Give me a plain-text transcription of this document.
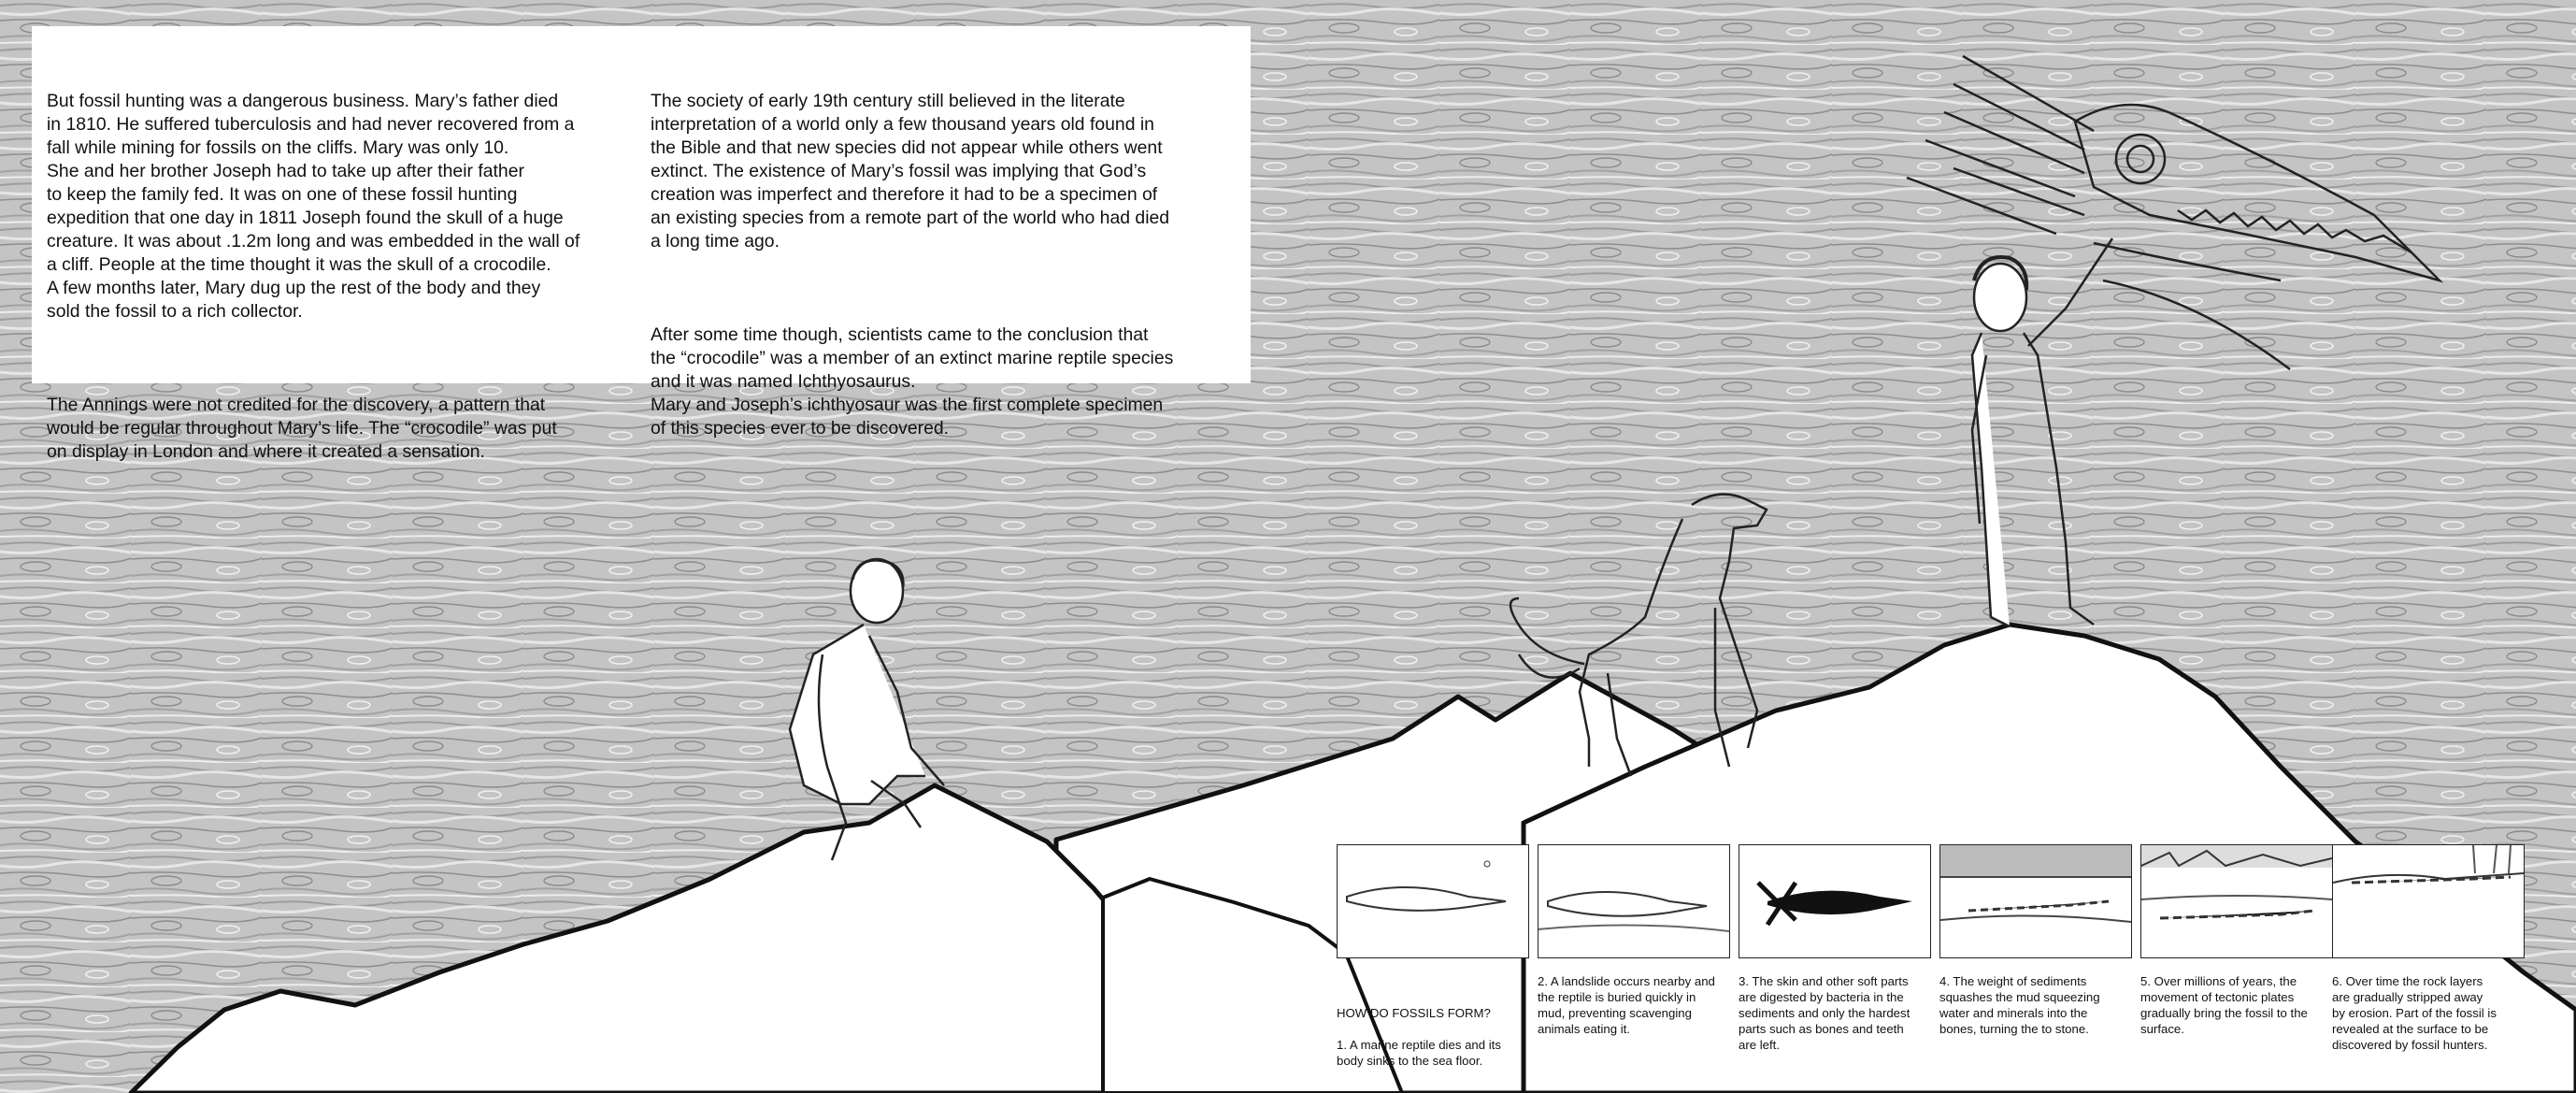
But fossil hunting was a dangerous business. Mary’s father died
in 1810. He suffered tuberculosis and had never recovered from a
fall while mining for fossils on the cliffs. Mary was only 10.
She and her brother Joseph had to take up after their father
to keep the family fed. It was on one of these fossil hunting
expedition that one day in 1811 Joseph found the skull of a huge
creature. It was about .1.2m long and was embedded in the wall of
a cliff. People at the time thought it was the skull of a crocodile.
A few months later, Mary dug up the rest of the body and they
sold the fossil to a rich collector.

The Annings were not credited for the discovery, a pattern that
would be regular throughout Mary’s life. The “crocodile” was put
on display in London and where it created a sensation.

The society of early 19th century still believed in the literate
interpretation of a world only a few thousand years old found in
the Bible and that new species did not appear while others went
extinct. The existence of Mary’s fossil was implying that God’s
creation was imperfect and therefore it had to be a specimen of
an existing species from a remote part of the world who had died
a long time ago.

After some time though, scientists came to the conclusion that
the “crocodile” was a member of an extinct marine reptile species
and it was named Ichthyosaurus.
Mary and Joseph’s ichthyosaur was the first complete specimen
of this species ever to be discovered.

HOW DO FOSSILS FORM?
1. A marine reptile dies and its
body sinks to the sea floor.

2. A landslide occurs nearby and
the reptile is buried quickly in
mud, preventing scavenging
animals eating it.
3. The skin and other soft parts
are digested by bacteria in the
sediments and only the hardest
parts such as bones and teeth
are left.
4. The weight of sediments
squashes the mud squeezing
water and minerals into the
bones, turning the to stone.
5. Over millions of years, the
movement of tectonic plates
gradually bring the fossil to the
surface.
6. Over time the rock layers
are gradually stripped away
by erosion. Part of the fossil is
revealed at the surface to be
discovered by fossil hunters.
